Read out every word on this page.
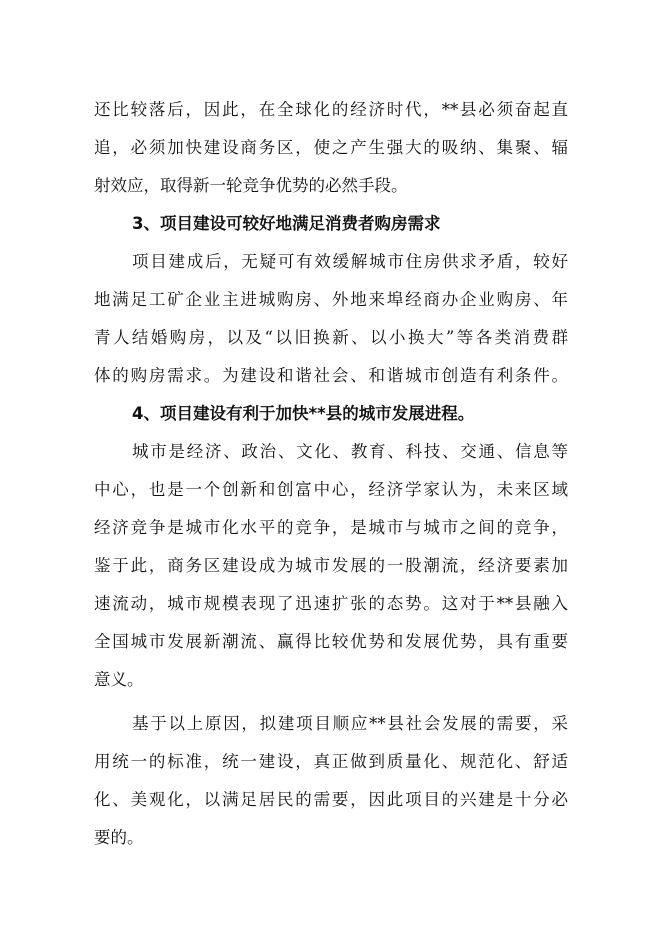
还比较落后，因此，在全球化的经济时代，**县必须奋起直
追，必须加快建设商务区，使之产生强大的吸纳、集聚、辐
射效应，取得新一轮竞争优势的必然手段。
3、项目建设可较好地满足消费者购房需求
项目建成后，无疑可有效缓解城市住房供求矛盾，较好
地满足工矿企业主进城购房、外地来埠经商办企业购房、年
青人结婚购房，以及“以旧换新、以小换大”等各类消费群
体的购房需求。为建设和谐社会、和谐城市创造有利条件。
4、项目建设有利于加快**县的城市发展进程。
城市是经济、政治、文化、教育、科技、交通、信息等
中心，也是一个创新和创富中心，经济学家认为，未来区域
经济竞争是城市化水平的竞争，是城市与城市之间的竞争，
鉴于此，商务区建设成为城市发展的一股潮流，经济要素加
速流动，城市规模表现了迅速扩张的态势。这对于**县融入
全国城市发展新潮流、赢得比较优势和发展优势，具有重要
意义。
基于以上原因，拟建项目顺应**县社会发展的需要，采
用统一的标准，统一建设，真正做到质量化、规范化、舒适
化、美观化，以满足居民的需要，因此项目的兴建是十分必
要的。
